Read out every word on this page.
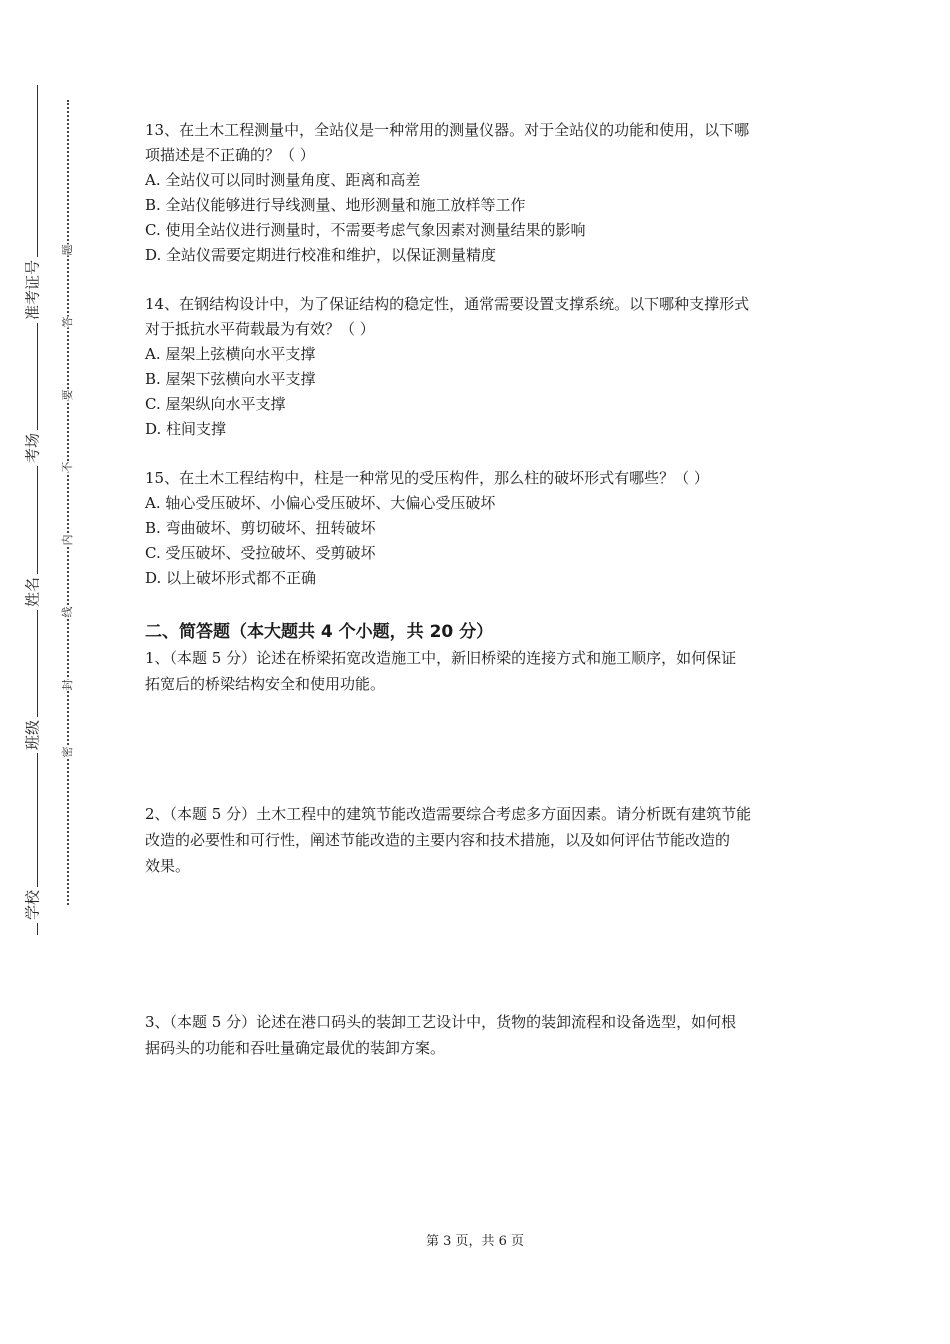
准考证号
考场
姓名
班级
学校
题
答
要
不
内
线
封
密

13、在土木工程测量中，全站仪是一种常用的测量仪器。对于全站仪的功能和使用，以下哪

项描述是不正确的？（ ）

A. 全站仪可以同时测量角度、距离和高差

B. 全站仪能够进行导线测量、地形测量和施工放样等工作

C. 使用全站仪进行测量时，不需要考虑气象因素对测量结果的影响

D. 全站仪需要定期进行校准和维护，以保证测量精度

14、在钢结构设计中，为了保证结构的稳定性，通常需要设置支撑系统。以下哪种支撑形式

对于抵抗水平荷载最为有效？（ ）

A. 屋架上弦横向水平支撑

B. 屋架下弦横向水平支撑

C. 屋架纵向水平支撑

D. 柱间支撑

15、在土木工程结构中，柱是一种常见的受压构件，那么柱的破坏形式有哪些？（ ）

A. 轴心受压破坏、小偏心受压破坏、大偏心受压破坏

B. 弯曲破坏、剪切破坏、扭转破坏

C. 受压破坏、受拉破坏、受剪破坏

D. 以上破坏形式都不正确

二、简答题（本大题共 4 个小题，共 20 分）

1、（本题 5 分）论述在桥梁拓宽改造施工中，新旧桥梁的连接方式和施工顺序，如何保证

拓宽后的桥梁结构安全和使用功能。

2、（本题 5 分）土木工程中的建筑节能改造需要综合考虑多方面因素。请分析既有建筑节能

改造的必要性和可行性，阐述节能改造的主要内容和技术措施，以及如何评估节能改造的

效果。

3、（本题 5 分）论述在港口码头的装卸工艺设计中，货物的装卸流程和设备选型，如何根

据码头的功能和吞吐量确定最优的装卸方案。

第 3 页，共 6 页
